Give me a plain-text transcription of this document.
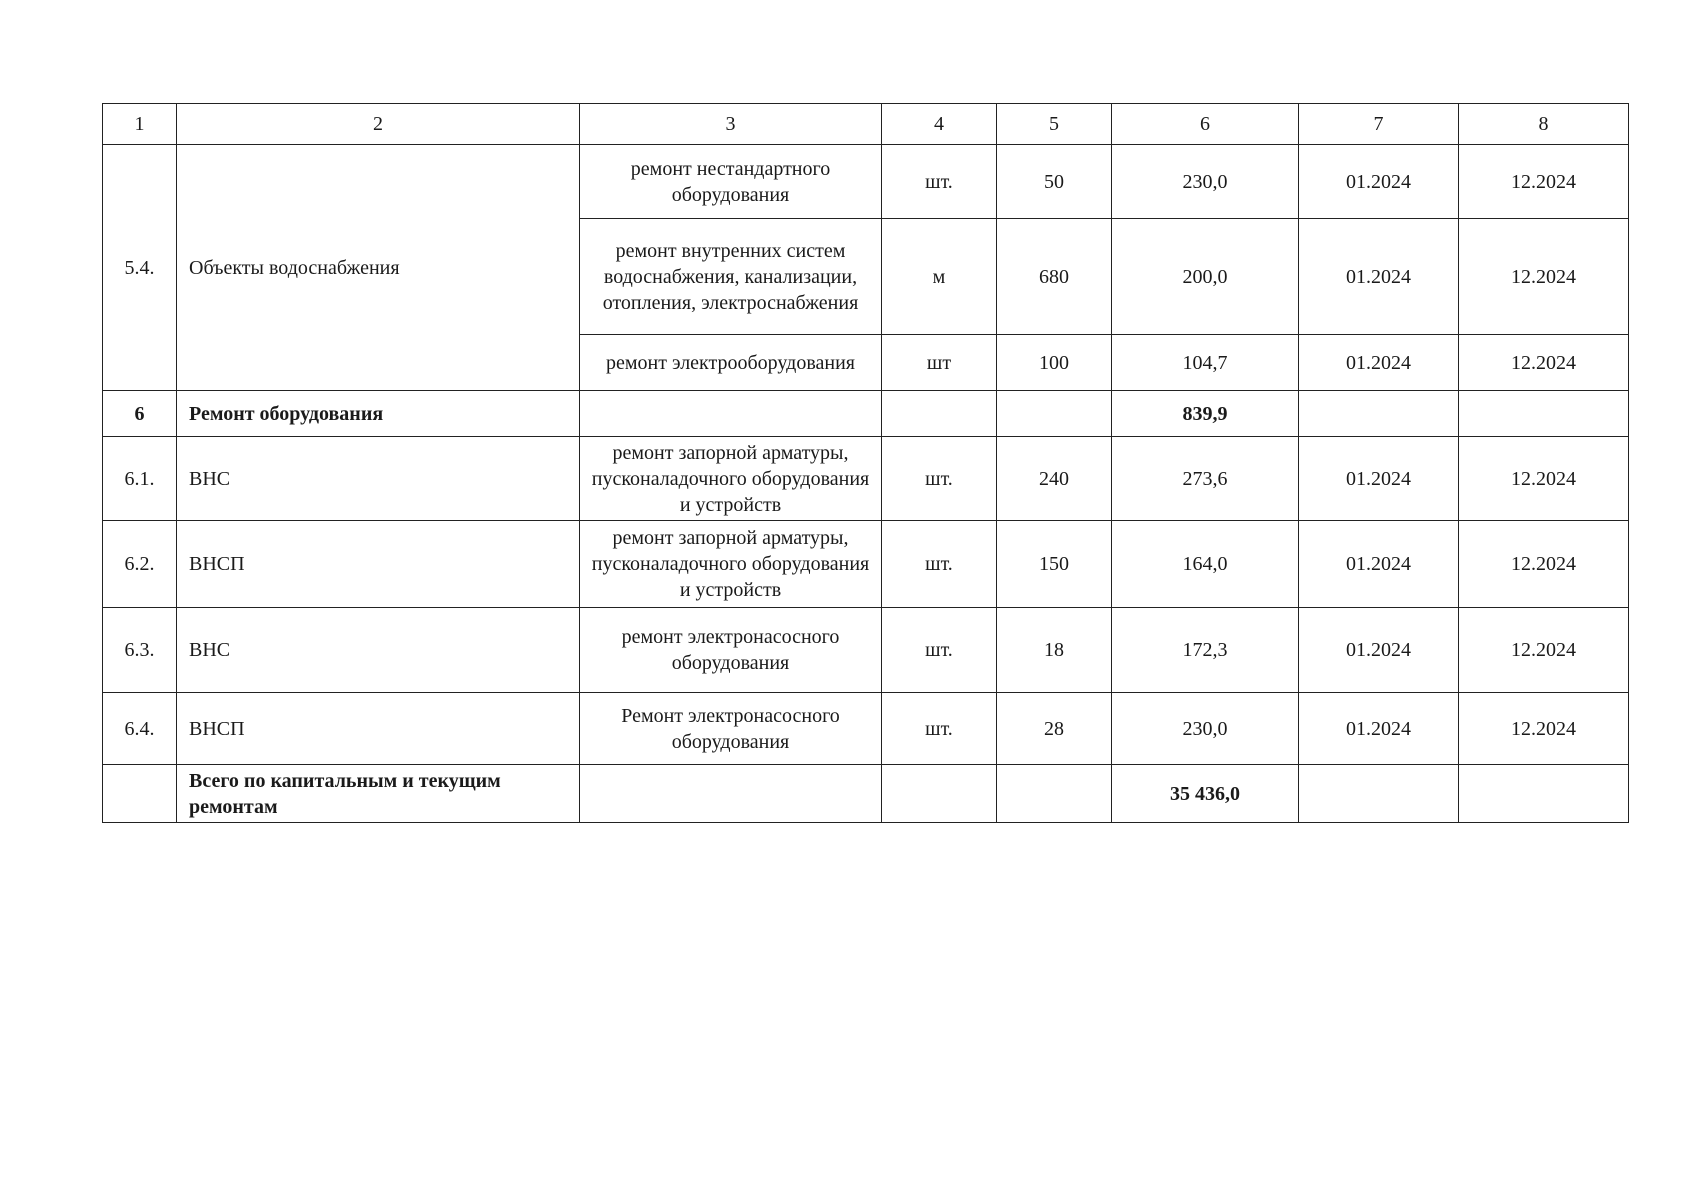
1	2	3	4	5	6	7	8
5.4.	Объекты водоснабжения	ремонт нестандартного оборудования	шт.	50	230,0	01.2024	12.2024
		ремонт внутренних систем водоснабжения, канализации, отопления, электроснабжения	м	680	200,0	01.2024	12.2024
		ремонт электрооборудования	шт	100	104,7	01.2024	12.2024
6	Ремонт оборудования				839,9		
6.1.	ВНС	ремонт запорной арматуры, пусконаладочного оборудования и устройств	шт.	240	273,6	01.2024	12.2024
6.2.	ВНСП	ремонт запорной арматуры, пусконаладочного оборудования и устройств	шт.	150	164,0	01.2024	12.2024
6.3.	ВНС	ремонт электронасосного оборудования	шт.	18	172,3	01.2024	12.2024
6.4.	ВНСП	Ремонт электронасосного оборудования	шт.	28	230,0	01.2024	12.2024
	Всего по капитальным и текущим ремонтам				35 436,0		
